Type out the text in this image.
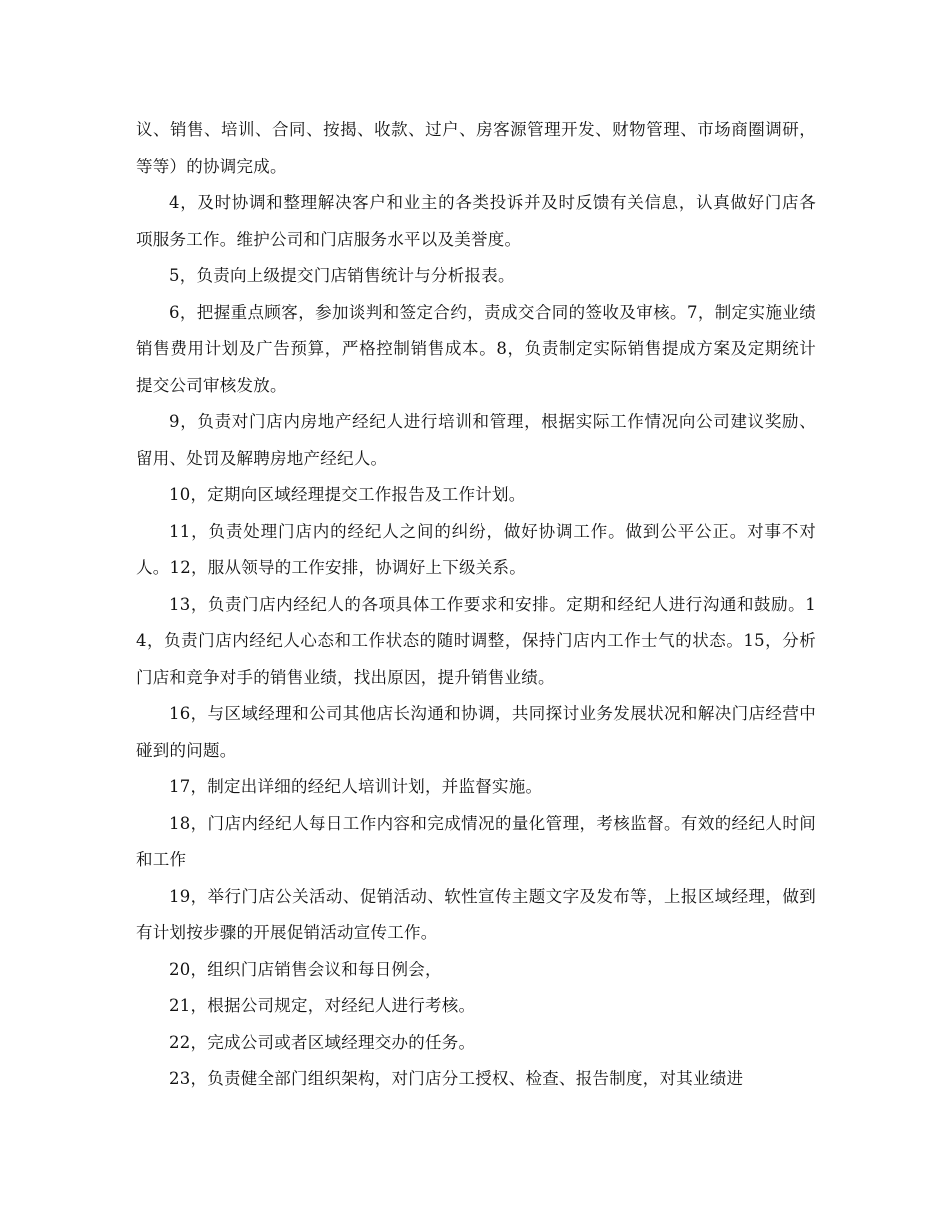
议、销售、培训、合同、按揭、收款、过户、房客源管理开发、财物管理、市场商圈调研，等等）的协调完成。

4，及时协调和整理解决客户和业主的各类投诉并及时反馈有关信息，认真做好门店各项服务工作。维护公司和门店服务水平以及美誉度。

5，负责向上级提交门店销售统计与分析报表。

6，把握重点顾客，参加谈判和签定合约，责成交合同的签收及审核。7，制定实施业绩销售费用计划及广告预算，严格控制销售成本。8，负责制定实际销售提成方案及定期统计提交公司审核发放。

9，负责对门店内房地产经纪人进行培训和管理，根据实际工作情况向公司建议奖励、留用、处罚及解聘房地产经纪人。

10，定期向区域经理提交工作报告及工作计划。

11，负责处理门店内的经纪人之间的纠纷，做好协调工作。做到公平公正。对事不对人。12，服从领导的工作安排，协调好上下级关系。

13，负责门店内经纪人的各项具体工作要求和安排。定期和经纪人进行沟通和鼓励。14，负责门店内经纪人心态和工作状态的随时调整，保持门店内工作士气的状态。15，分析门店和竞争对手的销售业绩，找出原因，提升销售业绩。

16，与区域经理和公司其他店长沟通和协调，共同探讨业务发展状况和解决门店经营中碰到的问题。

17，制定出详细的经纪人培训计划，并监督实施。

18，门店内经纪人每日工作内容和完成情况的量化管理，考核监督。有效的经纪人时间和工作

19，举行门店公关活动、促销活动、软性宣传主题文字及发布等，上报区域经理，做到有计划按步骤的开展促销活动宣传工作。

20，组织门店销售会议和每日例会，

21，根据公司规定，对经纪人进行考核。

22，完成公司或者区域经理交办的任务。

23，负责健全部门组织架构，对门店分工授权、检查、报告制度，对其业绩进
